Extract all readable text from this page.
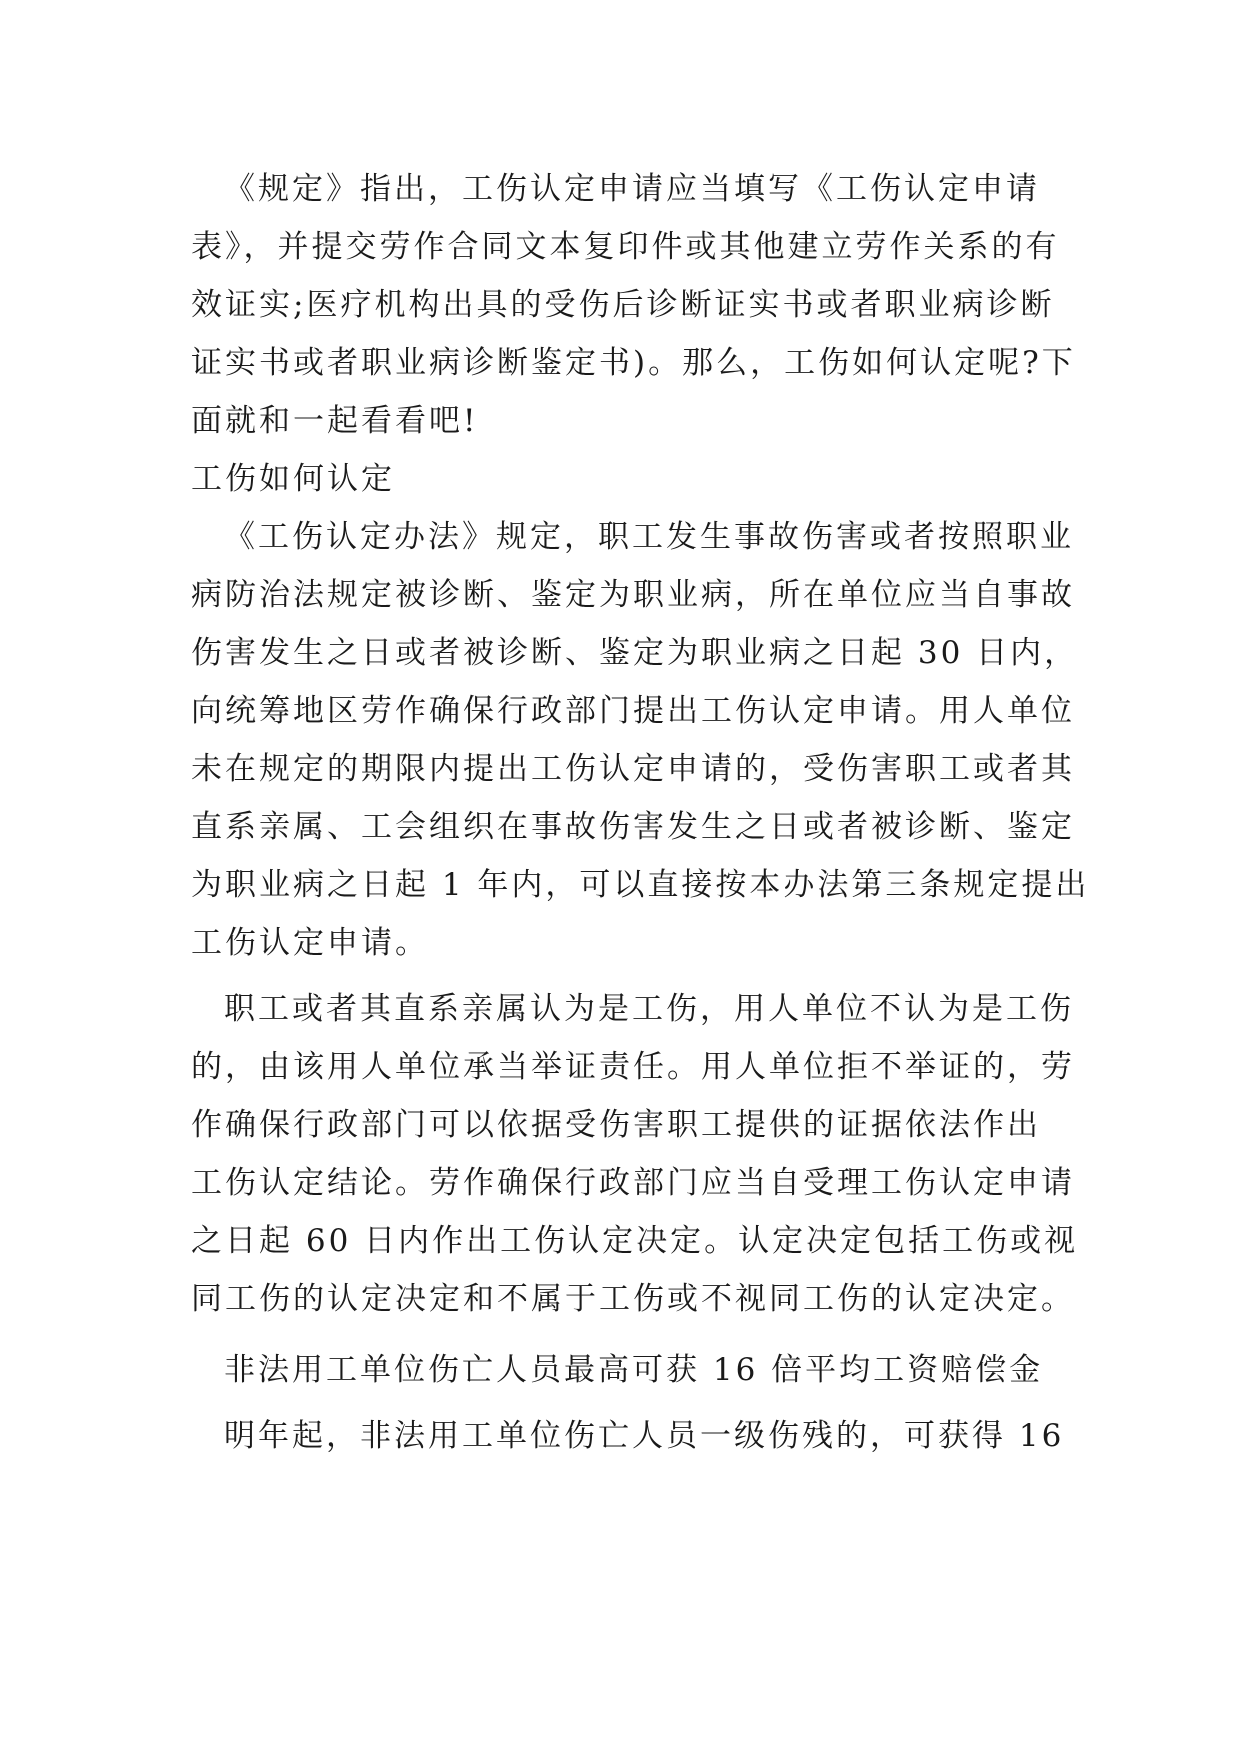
《规定》指出，工伤认定申请应当填写《工伤认定申请
表》，并提交劳作合同文本复印件或其他建立劳作关系的有
效证实;医疗机构出具的受伤后诊断证实书或者职业病诊断
证实书或者职业病诊断鉴定书)。那么，工伤如何认定呢?下
面就和一起看看吧!
工伤如何认定
《工伤认定办法》规定，职工发生事故伤害或者按照职业
病防治法规定被诊断、鉴定为职业病，所在单位应当自事故
伤害发生之日或者被诊断、鉴定为职业病之日起 30 日内，
向统筹地区劳作确保行政部门提出工伤认定申请。用人单位
未在规定的期限内提出工伤认定申请的，受伤害职工或者其
直系亲属、工会组织在事故伤害发生之日或者被诊断、鉴定
为职业病之日起 1 年内，可以直接按本办法第三条规定提出
工伤认定申请。
职工或者其直系亲属认为是工伤，用人单位不认为是工伤
的，由该用人单位承当举证责任。用人单位拒不举证的，劳
作确保行政部门可以依据受伤害职工提供的证据依法作出
工伤认定结论。劳作确保行政部门应当自受理工伤认定申请
之日起 60 日内作出工伤认定决定。认定决定包括工伤或视
同工伤的认定决定和不属于工伤或不视同工伤的认定决定。
非法用工单位伤亡人员最高可获 16 倍平均工资赔偿金
明年起，非法用工单位伤亡人员一级伤残的，可获得 16
